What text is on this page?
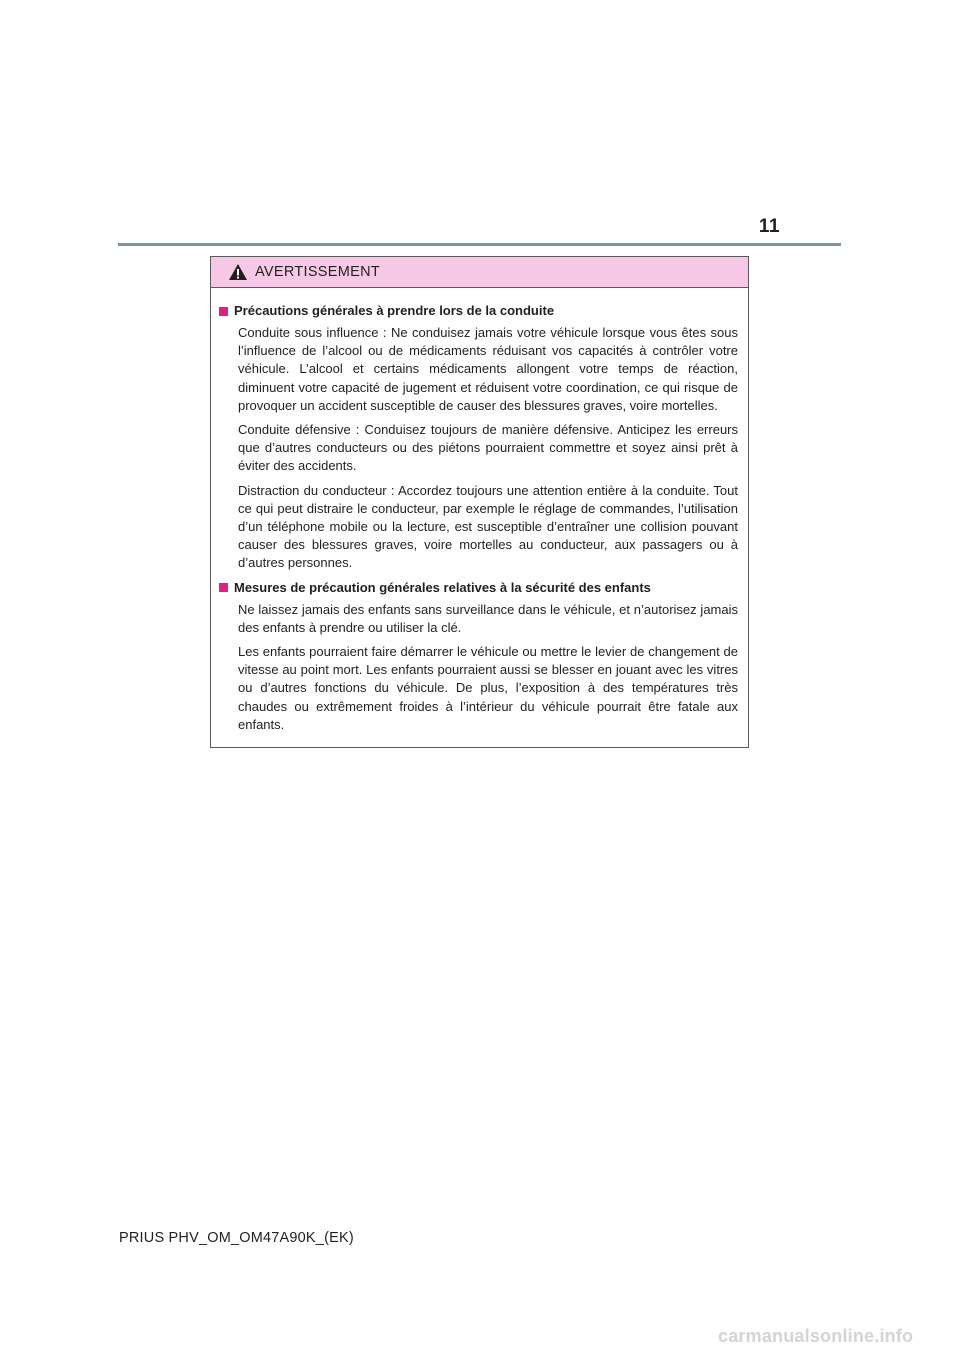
11
AVERTISSEMENT
Précautions générales à prendre lors de la conduite

Conduite sous influence : Ne conduisez jamais votre véhicule lorsque vous êtes sous l’influence de l’alcool ou de médicaments réduisant vos capacités à contrôler votre véhicule. L’alcool et certains médicaments allongent votre temps de réaction, diminuent votre capacité de jugement et réduisent votre coordination, ce qui risque de provoquer un accident susceptible de causer des blessures graves, voire mortelles.

Conduite défensive : Conduisez toujours de manière défensive. Anticipez les erreurs que d’autres conducteurs ou des piétons pourraient commettre et soyez ainsi prêt à éviter des accidents.

Distraction du conducteur : Accordez toujours une attention entière à la conduite. Tout ce qui peut distraire le conducteur, par exemple le réglage de commandes, l’utilisation d’un téléphone mobile ou la lecture, est susceptible d’entraîner une collision pouvant causer des blessures graves, voire mortelles au conducteur, aux passagers ou à d’autres personnes.

Mesures de précaution générales relatives à la sécurité des enfants

Ne laissez jamais des enfants sans surveillance dans le véhicule, et n’autorisez jamais des enfants à prendre ou utiliser la clé.

Les enfants pourraient faire démarrer le véhicule ou mettre le levier de changement de vitesse au point mort. Les enfants pourraient aussi se blesser en jouant avec les vitres ou d’autres fonctions du véhicule. De plus, l’exposition à des températures très chaudes ou extrêmement froides à l’intérieur du véhicule pourrait être fatale aux enfants.

PRIUS PHV_OM_OM47A90K_(EK)
carmanualsonline.info
